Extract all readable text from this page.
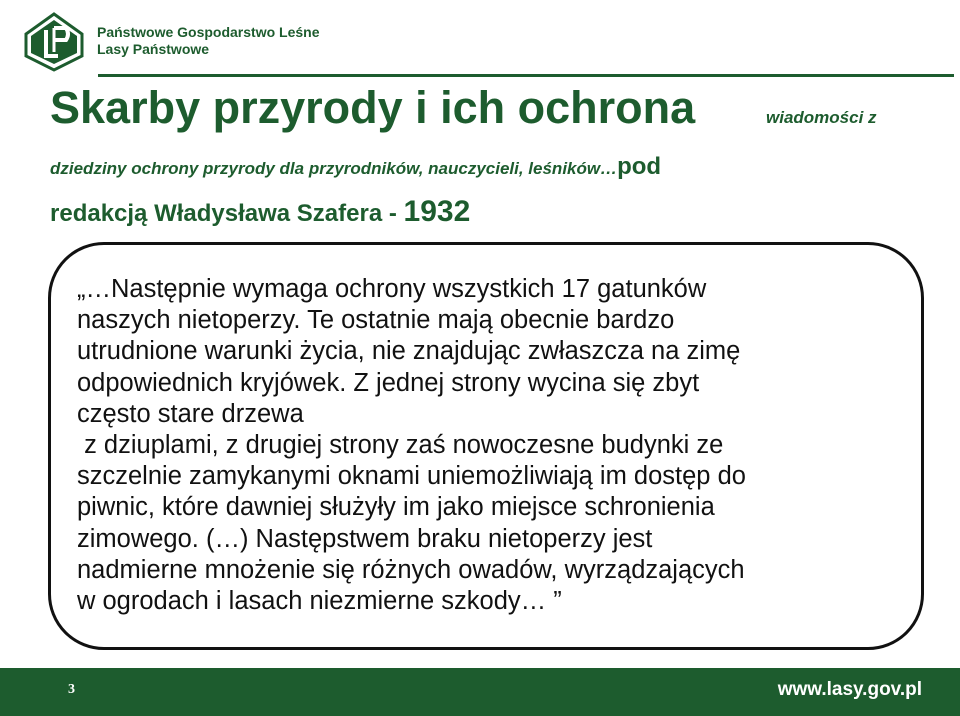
Państwowe Gospodarstwo Leśne
Lasy Państwowe
Skarby przyrody i ich ochrona	wiadomości z
dziedziny ochrony przyrody dla przyrodników, nauczycieli, leśników…pod
redakcją Władysława Szafera - 1932
„…Następnie wymaga ochrony wszystkich 17 gatunków
naszych nietoperzy. Te ostatnie mają obecnie bardzo
utrudnione warunki życia, nie znajdując zwłaszcza na zimę
odpowiednich kryjówek. Z jednej strony wycina się zbyt
często stare drzewa
z dziuplami, z drugiej strony zaś nowoczesne budynki ze
szczelnie zamykanymi oknami uniemożliwiają im dostęp do
piwnic, które dawniej służyły im jako miejsce schronienia
zimowego. (…) Następstwem braku nietoperzy jest
nadmierne mnożenie się różnych owadów, wyrządzających
w ogrodach i lasach niezmierne szkody… ”
3	www.lasy.gov.pl
